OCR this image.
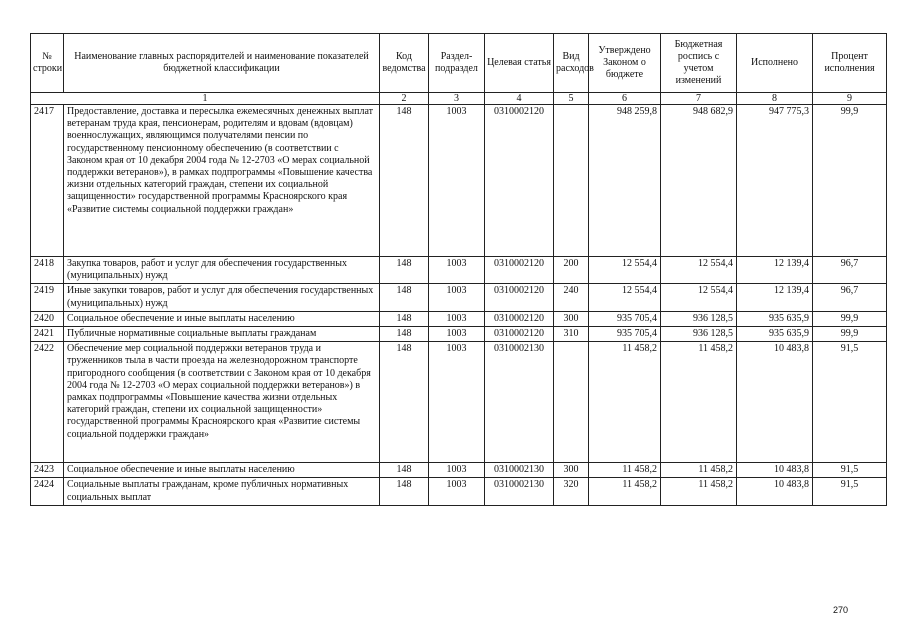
№ строки	Наименование главных распорядителей и наименование показателей бюджетной классификации	Код ведомства	Раздел-подраздел	Целевая статья	Вид расходов	Утверждено Законом о бюджете	Бюджетная роспись с учетом изменений	Исполнено	Процент исполнения
1		2	3	4	5	6	7	8	9
2417	Предоставление, доставка и пересылка ежемесячных денежных выплат ветеранам труда края, пенсионерам, родителям и вдовам (вдовцам) военнослужащих, являющимся получателями пенсии по государственному пенсионному обеспечению (в соответствии с Законом края от 10 декабря 2004 года № 12-2703 «О мерах социальной поддержки ветеранов»), в рамках подпрограммы «Повышение качества жизни отдельных категорий граждан, степени их социальной защищенности» государственной программы Красноярского края «Развитие системы социальной поддержки граждан»	148	1003	0310002120		948 259,8	948 682,9	947 775,3	99,9
2418	Закупка товаров, работ и услуг для обеспечения государственных (муниципальных) нужд	148	1003	0310002120	200	12 554,4	12 554,4	12 139,4	96,7
2419	Иные закупки товаров, работ и услуг для обеспечения государственных (муниципальных) нужд	148	1003	0310002120	240	12 554,4	12 554,4	12 139,4	96,7
2420	Социальное обеспечение и иные выплаты населению	148	1003	0310002120	300	935 705,4	936 128,5	935 635,9	99,9
2421	Публичные нормативные социальные выплаты гражданам	148	1003	0310002120	310	935 705,4	936 128,5	935 635,9	99,9
2422	Обеспечение мер социальной поддержки ветеранов труда и труженников тыла в части проезда на железнодорожном транспорте пригородного сообщения (в соответствии с Законом края от 10 декабря 2004 года № 12-2703 «О мерах социальной поддержки ветеранов») в рамках подпрограммы «Повышение качества жизни отдельных категорий граждан, степени их социальной защищенности» государственной программы Красноярского края «Развитие системы социальной поддержки граждан»	148	1003	0310002130		11 458,2	11 458,2	10 483,8	91,5
2423	Социальное обеспечение и иные выплаты населению	148	1003	0310002130	300	11 458,2	11 458,2	10 483,8	91,5
2424	Социальные выплаты гражданам, кроме публичных нормативных социальных выплат	148	1003	0310002130	320	11 458,2	11 458,2	10 483,8	91,5
270
